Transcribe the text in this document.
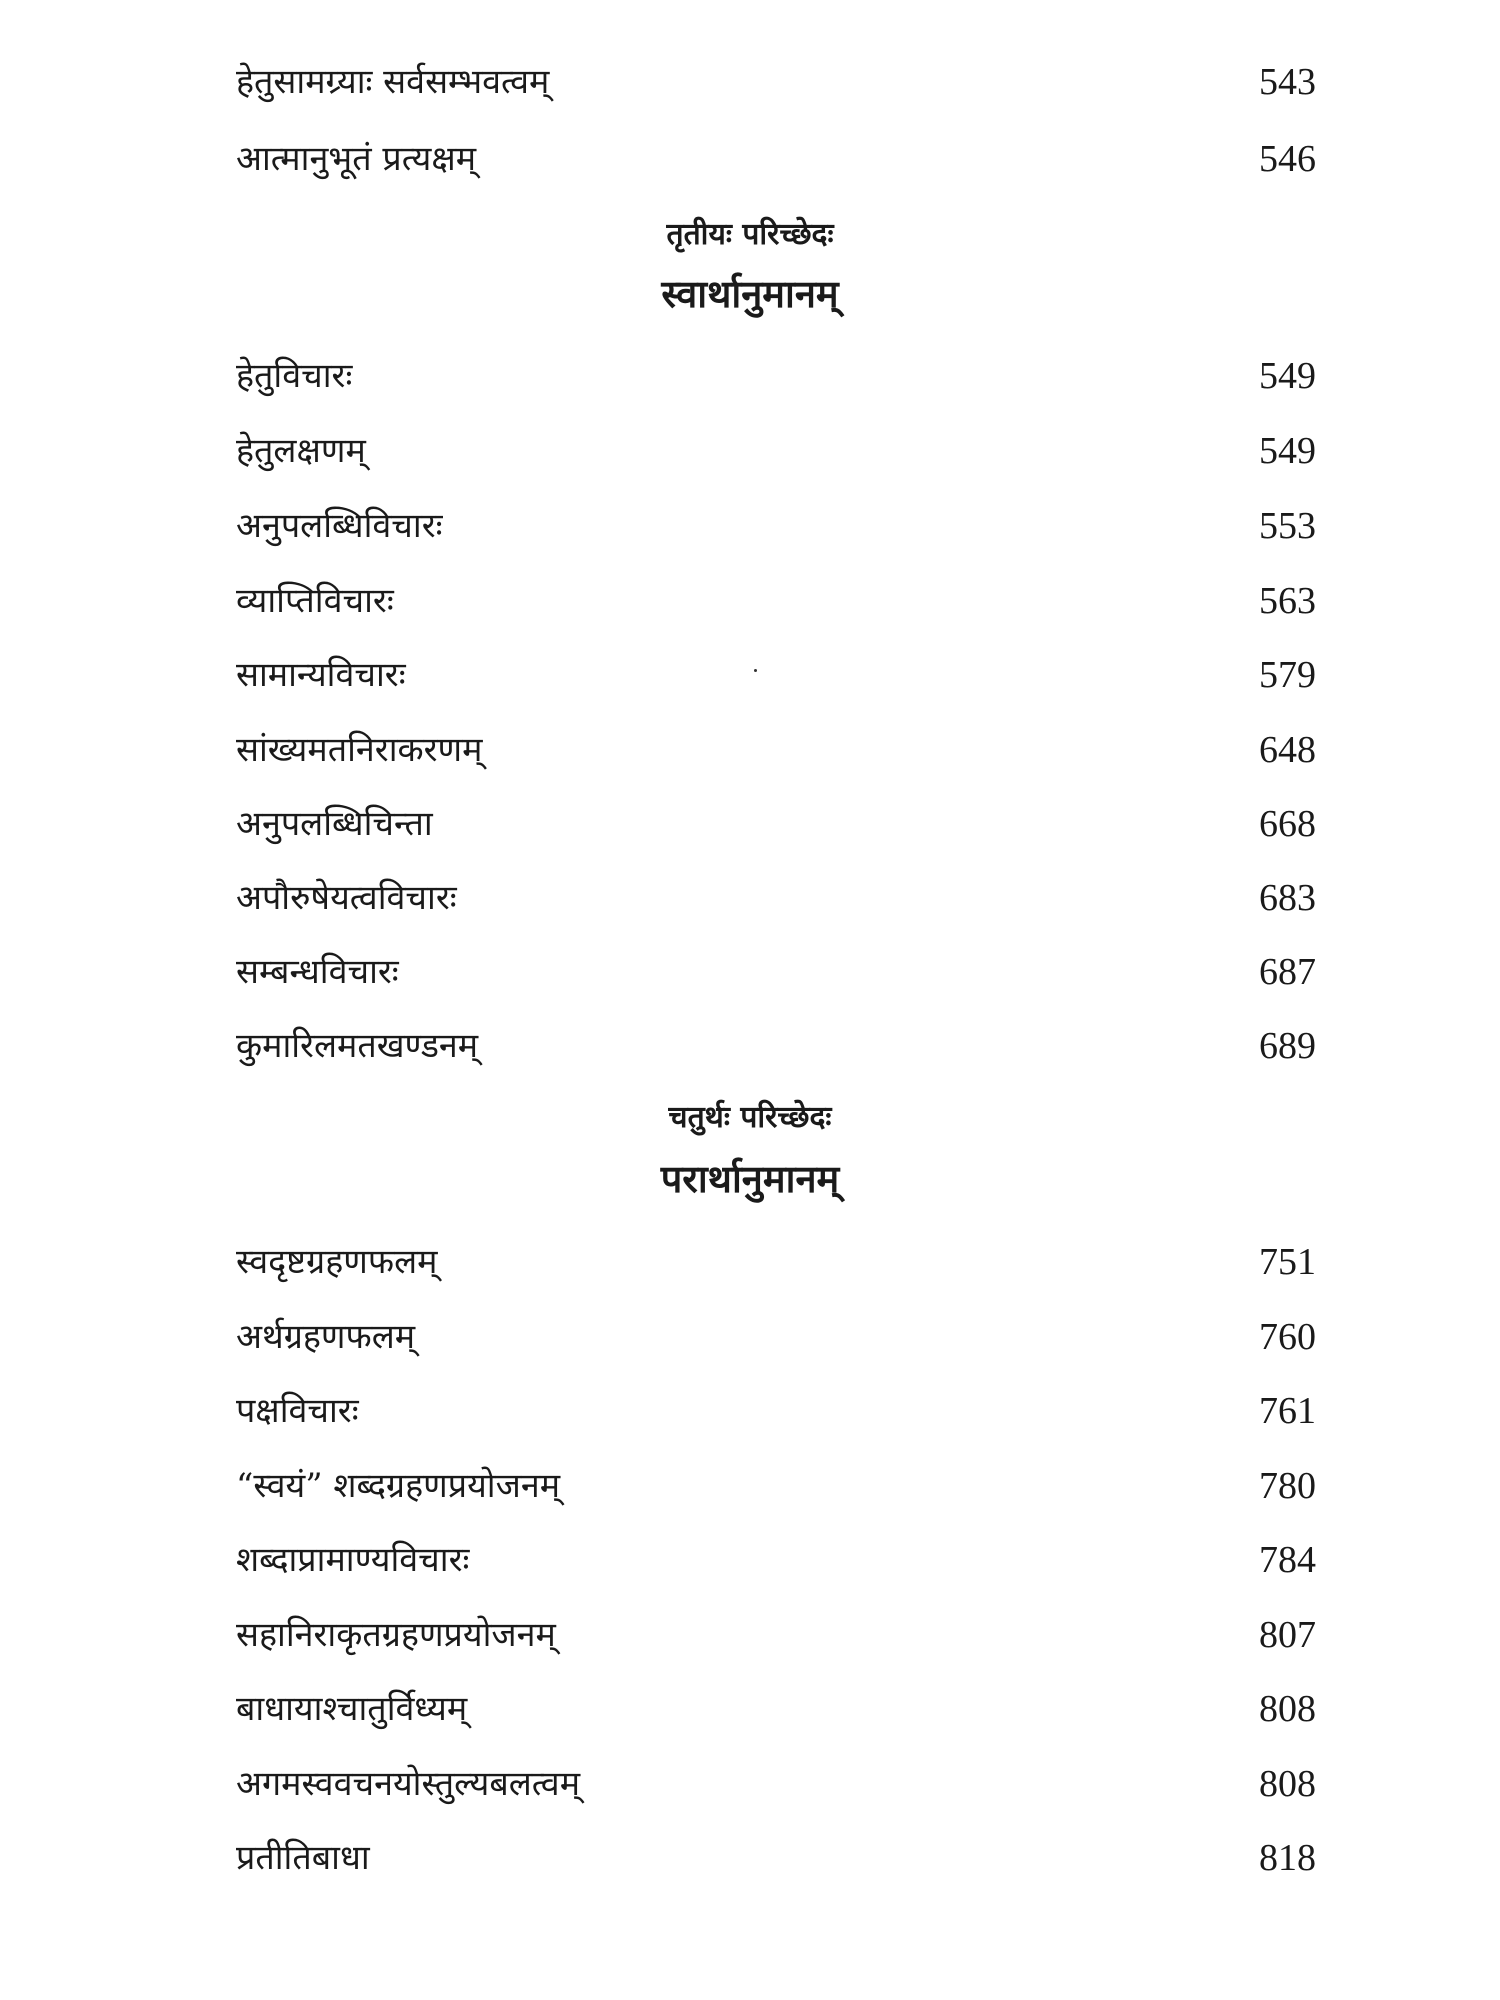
हेतुसामग्र्याः सर्वसम्भवत्वम्	543
आत्मानुभूतं प्रत्यक्षम्	546
तृतीयः परिच्छेदः
स्वार्थानुमानम्
हेतुविचारः	549
हेतुलक्षणम्	549
अनुपलब्धिविचारः	553
व्याप्तिविचारः	563
सामान्यविचारः	579
सांख्यमतनिराकरणम्	648
अनुपलब्धिचिन्ता	668
अपौरुषेयत्वविचारः	683
सम्बन्धविचारः	687
कुमारिलमतखण्डनम्	689
चतुर्थः परिच्छेदः
परार्थानुमानम्
स्वदृष्टग्रहणफलम्	751
अर्थग्रहणफलम्	760
पक्षविचारः	761
“स्वयं” शब्दग्रहणप्रयोजनम्	780
शब्दाप्रामाण्यविचारः	784
सहानिराकृतग्रहणप्रयोजनम्	807
बाधायाश्चातुर्विध्यम्	808
अगमस्ववचनयोस्तुल्यबलत्वम्	808
प्रतीतिबाधा	818
